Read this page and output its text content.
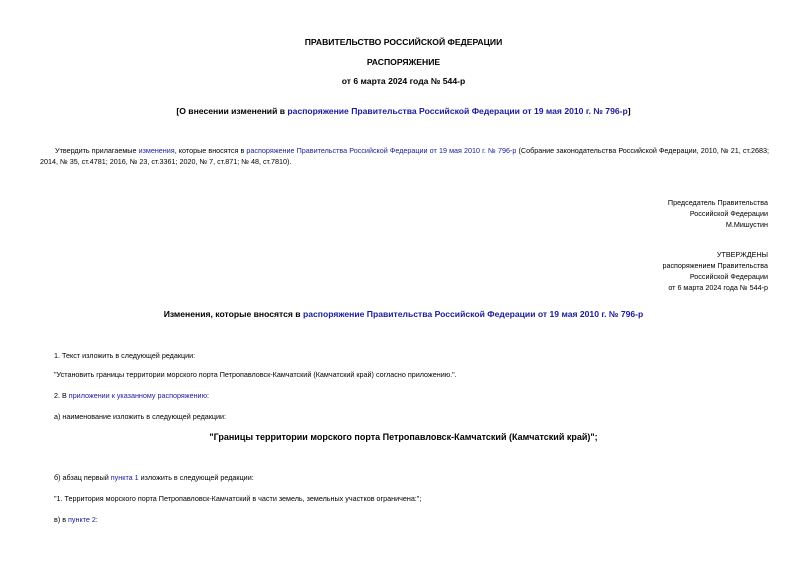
ПРАВИТЕЛЬСТВО РОССИЙСКОЙ ФЕДЕРАЦИИ
РАСПОРЯЖЕНИЕ
от 6 марта 2024 года № 544-р
[О внесении изменений в распоряжение Правительства Российской Федерации от 19 мая 2010 г. № 796-р]
Утвердить прилагаемые изменения, которые вносятся в распоряжение Правительства Российской Федерации от 19 мая 2010 г. № 796-р (Собрание законодательства Российской Федерации, 2010, № 21, ст.2683; 2014, № 35, ст.4781; 2016, № 23, ст.3361; 2020, № 7, ст.871; № 48, ст.7810).
Председатель Правительства
Российской Федерации
М.Мишустин
УТВЕРЖДЕНЫ
распоряжением Правительства
Российской Федерации
от 6 марта 2024 года № 544-р
Изменения, которые вносятся в распоряжение Правительства Российской Федерации от 19 мая 2010 г. № 796-р
1. Текст изложить в следующей редакции:
"Установить границы территории морского порта Петропавловск-Камчатский (Камчатский край) согласно приложению.".
2. В приложении к указанному распоряжению:
а) наименование изложить в следующей редакции:
"Границы территории морского порта Петропавловск-Камчатский (Камчатский край)";
б) абзац первый пункта 1 изложить в следующей редакции:
"1. Территория морского порта Петропавловск-Камчатский в части земель, земельных участков ограничена:";
в) в пункте 2:
